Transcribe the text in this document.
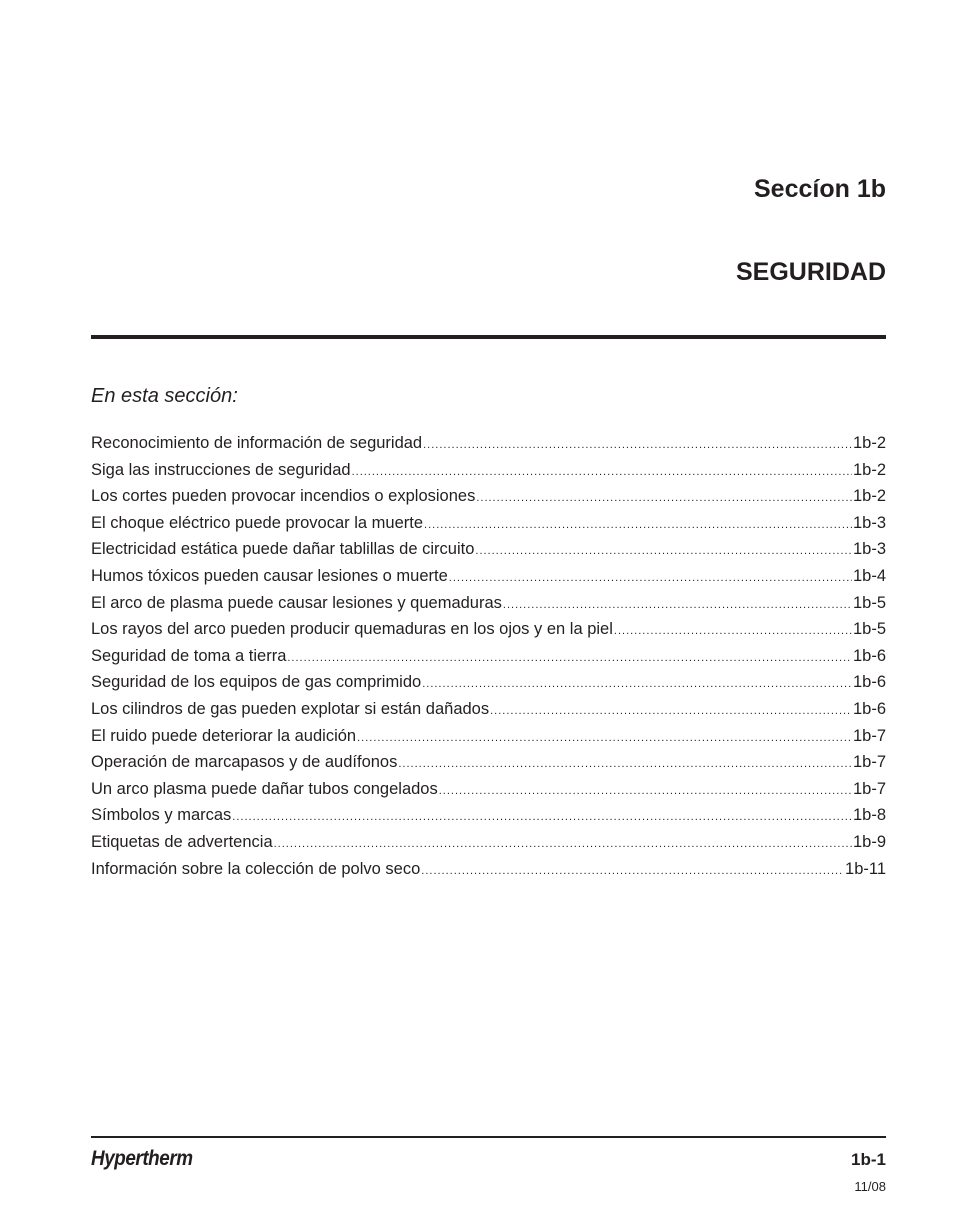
Seccíon 1b
SEGURIDAD

En esta sección:

Reconocimiento de información de seguridad .....	1b-2
Siga las instrucciones de seguridad .....	1b-2
Los cortes pueden provocar incendios o explosiones .....	1b-2
El choque eléctrico puede provocar la muerte .....	1b-3
Electricidad estática puede dañar tablillas de circuito .....	1b-3
Humos tóxicos pueden causar lesiones o muerte .....	1b-4
El arco de plasma puede causar lesiones y quemaduras .....	1b-5
Los rayos del arco pueden producir quemaduras en los ojos y en la piel .....	1b-5
Seguridad de toma a tierra .....	1b-6
Seguridad de los equipos de gas comprimido .....	1b-6
Los cilindros de gas pueden explotar si están dañados .....	1b-6
El ruido puede deteriorar la audición .....	1b-7
Operación de marcapasos y de audífonos .....	1b-7
Un arco plasma puede dañar tubos congelados .....	1b-7
Símbolos y marcas .....	1b-8
Etiquetas de advertencia .....	1b-9
Información sobre la colección de polvo seco .....	1b-11
Hypertherm	1b-1
11/08
